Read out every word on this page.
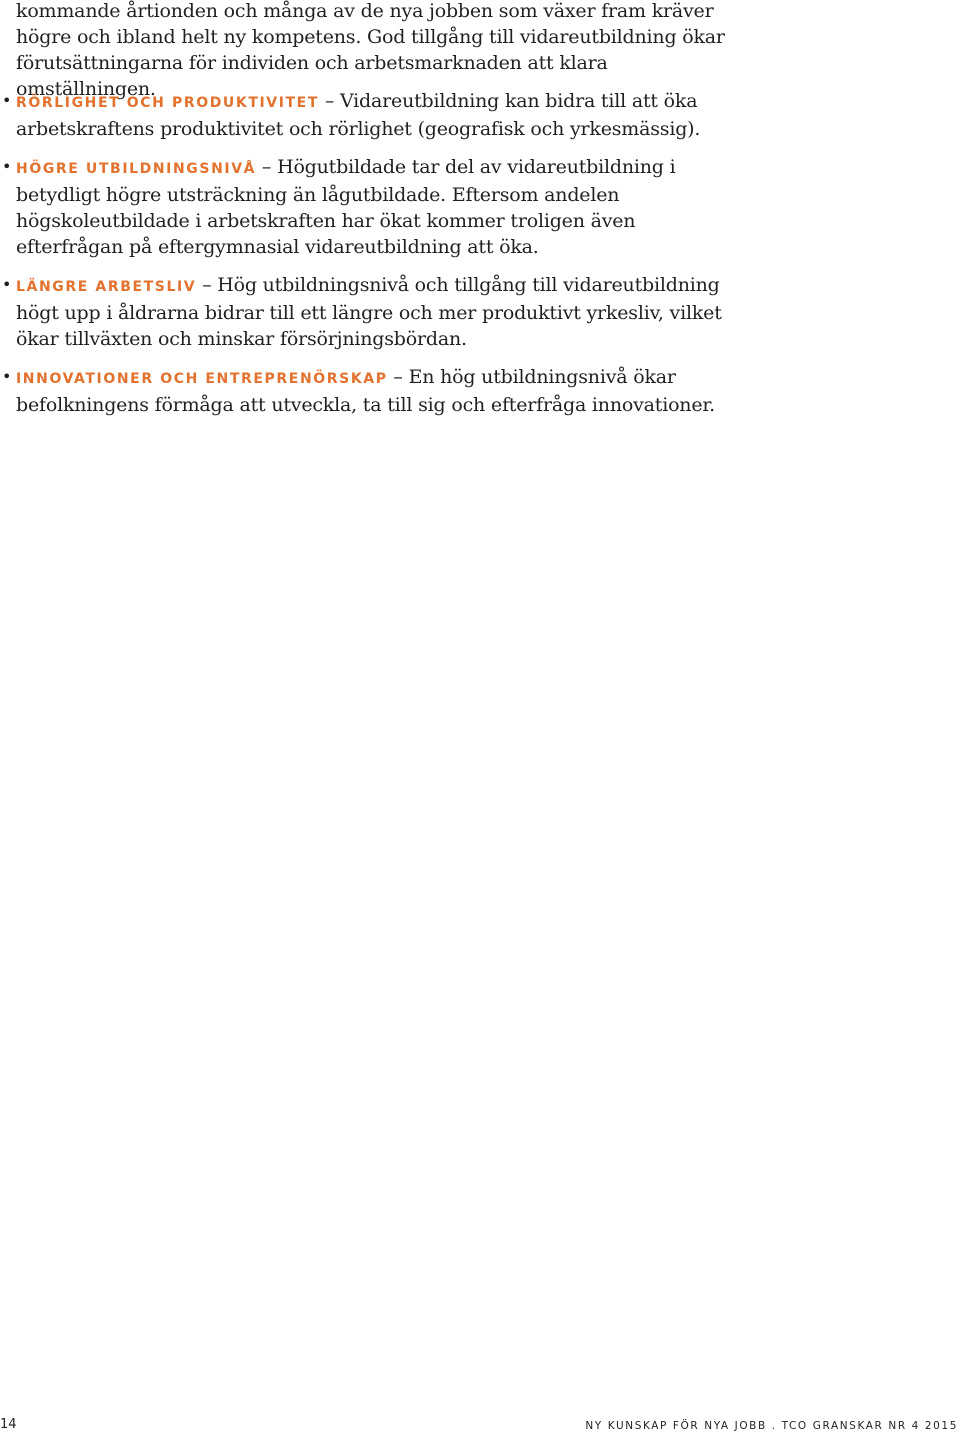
kommande årtionden och många av de nya jobben som växer fram kräver högre och ibland helt ny kompetens. God tillgång till vidareutbildning ökar förutsättningarna för individen och arbetsmarknaden att klara omställningen.

• RÖRLIGHET OCH PRODUKTIVITET – Vidareutbildning kan bidra till att öka arbetskraftens produktivitet och rörlighet (geografisk och yrkesmässig).
• HÖGRE UTBILDNINGSNIVÅ – Högutbildade tar del av vidareutbildning i betydligt högre utsträckning än lågutbildade. Eftersom andelen högskoleutbildade i arbetskraften har ökat kommer troligen även efterfrågan på eftergymnasial vidareutbildning att öka.
• LÄNGRE ARBETSLIV – Hög utbildningsnivå och tillgång till vidareutbildning högt upp i åldrarna bidrar till ett längre och mer produktivt yrkesliv, vilket ökar tillväxten och minskar försörjningsbördan.
• INNOVATIONER OCH ENTREPRENÖRSKAP – En hög utbildningsnivå ökar befolkningens förmåga att utveckla, ta till sig och efterfråga innovationer.
14	NY KUNSKAP FÖR NYA JOBB . TCO GRANSKAR NR 4 2015
